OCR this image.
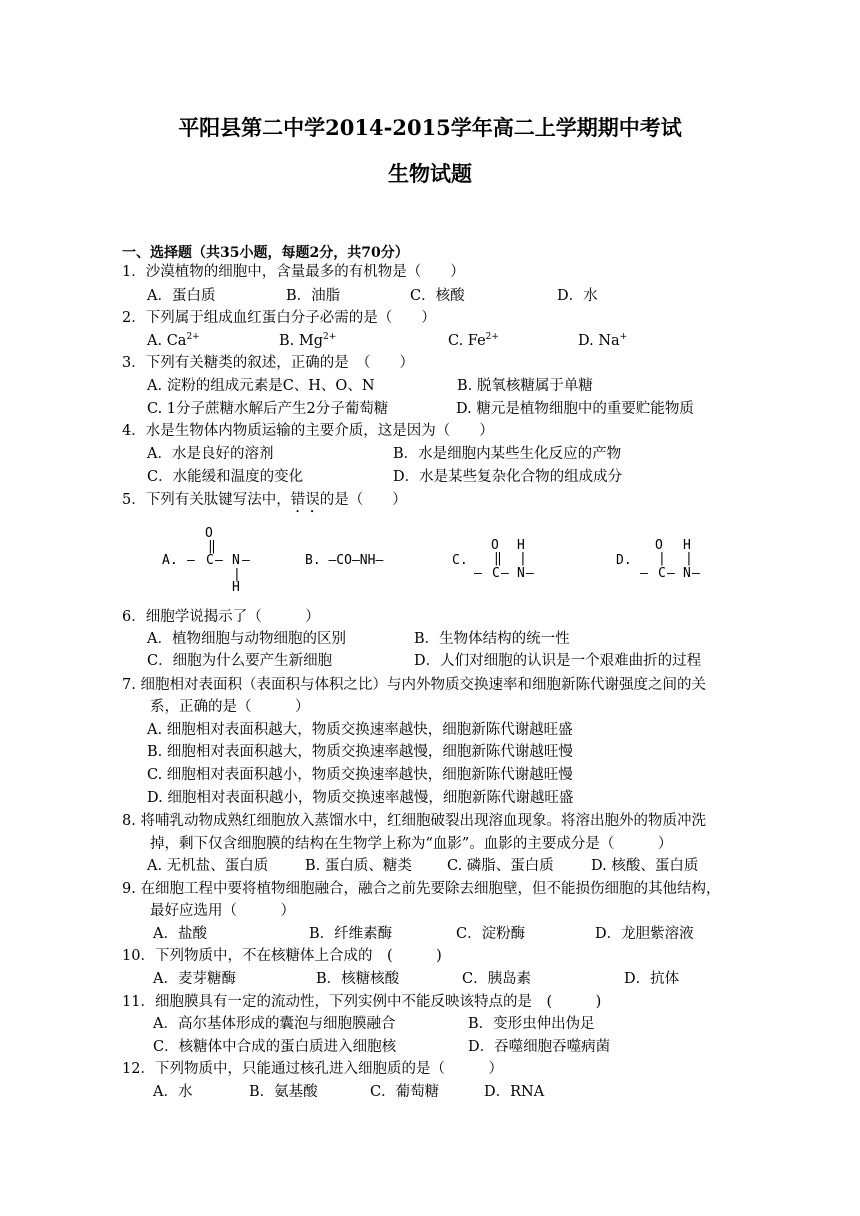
平阳县第二中学2014-2015学年高二上学期期中考试
生物试题
一、选择题（共35小题，每题2分，共70分）
1．沙漠植物的细胞中，含量最多的有机物是（　　）
A．蛋白质	B．油脂	C．核酸	D．水
2．下列属于组成血红蛋白分子必需的是（　　）
A. $Ca^{2+}$	B. $Mg^{2+}$	C. $Fe^{2+}$	D. Na+
3．下列有关糖类的叙述，正确的是　（　　）
A. 淀粉的组成元素是C、H、O、N	B. 脱氧核糖属于单糖
C. 1分子蔗糖水解后产生2分子葡萄糖	D. 糖元是植物细胞中的重要贮能物质
4．水是生物体内物质运输的主要介质，这是因为（　　）
A．水是良好的溶剂	B．水是细胞内某些生化反应的产物
C．水能缓和温度的变化	D．水是某些复杂化合物的组成成分
5．下列有关肽键写法中，错误的是（　　）
A.
O
‖
— C — N —
|
H
B. —CO—NH—	C.
O H
‖ |
— C — N —
D.
O H
| |
— C — N —
6．细胞学说揭示了（　　　）
A．植物细胞与动物细胞的区别	B．生物体结构的统一性
C．细胞为什么要产生新细胞	D．人们对细胞的认识是一个艰难曲折的过程
7. 细胞相对表面积（表面积与体积之比）与内外物质交换速率和细胞新陈代谢强度之间的关
系，正确的是（　　　）
A. 细胞相对表面积越大，物质交换速率越快，细胞新陈代谢越旺盛
B. 细胞相对表面积越大，物质交换速率越慢，细胞新陈代谢越旺慢
C. 细胞相对表面积越小，物质交换速率越快，细胞新陈代谢越旺慢
D. 细胞相对表面积越小，物质交换速率越慢，细胞新陈代谢越旺盛
8. 将哺乳动物成熟红细胞放入蒸馏水中，红细胞破裂出现溶血现象。将溶出胞外的物质冲洗
掉，剩下仅含细胞膜的结构在生物学上称为“血影”。血影的主要成分是（　　　）
A. 无机盐、蛋白质	B. 蛋白质、糖类 C. 磷脂、蛋白质	D. 核酸、蛋白质
9. 在细胞工程中要将植物细胞融合，融合之前先要除去细胞壁，但不能损伤细胞的其他结构，
最好应选用（　　　）
A．盐酸	B．纤维素酶	C．淀粉酶	D．龙胆紫溶液
10．下列物质中，不在核糖体上合成的　(　　　)
A．麦芽糖酶	B．核糖核酸	C．胰岛素	D．抗体
11．细胞膜具有一定的流动性，下列实例中不能反映该特点的是　(　　　)
A．高尔基体形成的囊泡与细胞膜融合	B．变形虫伸出伪足
C．核糖体中合成的蛋白质进入细胞核	D．吞噬细胞吞噬病菌
12．下列物质中，只能通过核孔进入细胞质的是（　　　）
A．水	B．氨基酸	C．葡萄糖	D．RNA
